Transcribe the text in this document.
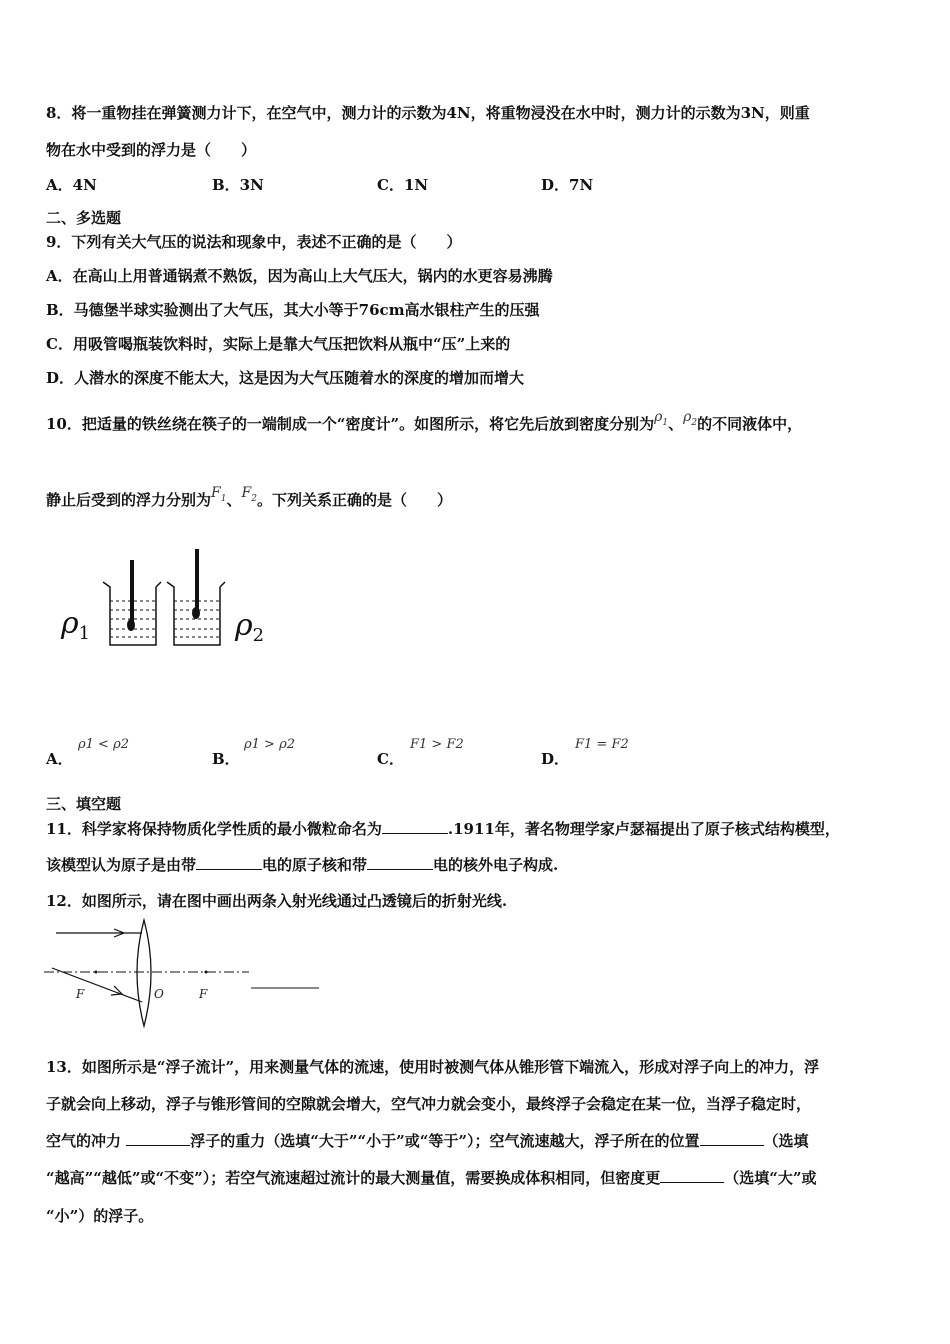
8．将一重物挂在弹簧测力计下，在空气中，测力计的示数为4N，将重物浸没在水中时，测力计的示数为3N，则重
物在水中受到的浮力是（　　）
A．4N	B．3N	C．1N	D．7N
二、多选题
9．下列有关大气压的说法和现象中，表述不正确的是（　　）
A．在高山上用普通锅煮不熟饭，因为高山上大气压大，锅内的水更容易沸腾
B．马德堡半球实验测出了大气压，其大小等于76cm高水银柱产生的压强
C．用吸管喝瓶装饮料时，实际上是靠大气压把饮料从瓶中“压”上来的
D．人潜水的深度不能太大，这是因为大气压随着水的深度的增加而增大
10．把适量的铁丝绕在筷子的一端制成一个“密度计”。如图所示，将它先后放到密度分别为$\rho_1$、$\rho_2$的不同液体中，
静止后受到的浮力分别为$F_1$、$F_2$。下列关系正确的是（　　）
$\rho_1$	$\rho_2$
A．
ρ1 < ρ2
B．
ρ1 > ρ2
C．
F1 > F2
D．
F1 = F2
三、填空题
11．科学家将保持物质化学性质的最小微粒命名为	.1911年，著名物理学家卢瑟福提出了原子核式结构模型，
该模型认为原子是由带	电的原子核和带	电的核外电子构成.
12．如图所示，请在图中画出两条入射光线通过凸透镜后的折射光线.
F	O	F
13．如图所示是“浮子流计”，用来测量气体的流速，使用时被测气体从锥形管下端流入，形成对浮子向上的冲力，浮
子就会向上移动，浮子与锥形管间的空隙就会增大，空气冲力就会变小，最终浮子会稳定在某一位，当浮子稳定时，
空气的冲力	浮子的重力（选填“大于”“小于”或“等于”）；空气流速越大，浮子所在的位置	（选填
“越高”“越低”或“不变”）；若空气流速超过流计的最大测量值，需要换成体积相同，但密度更	（选填“大”或
“小”）的浮子。
